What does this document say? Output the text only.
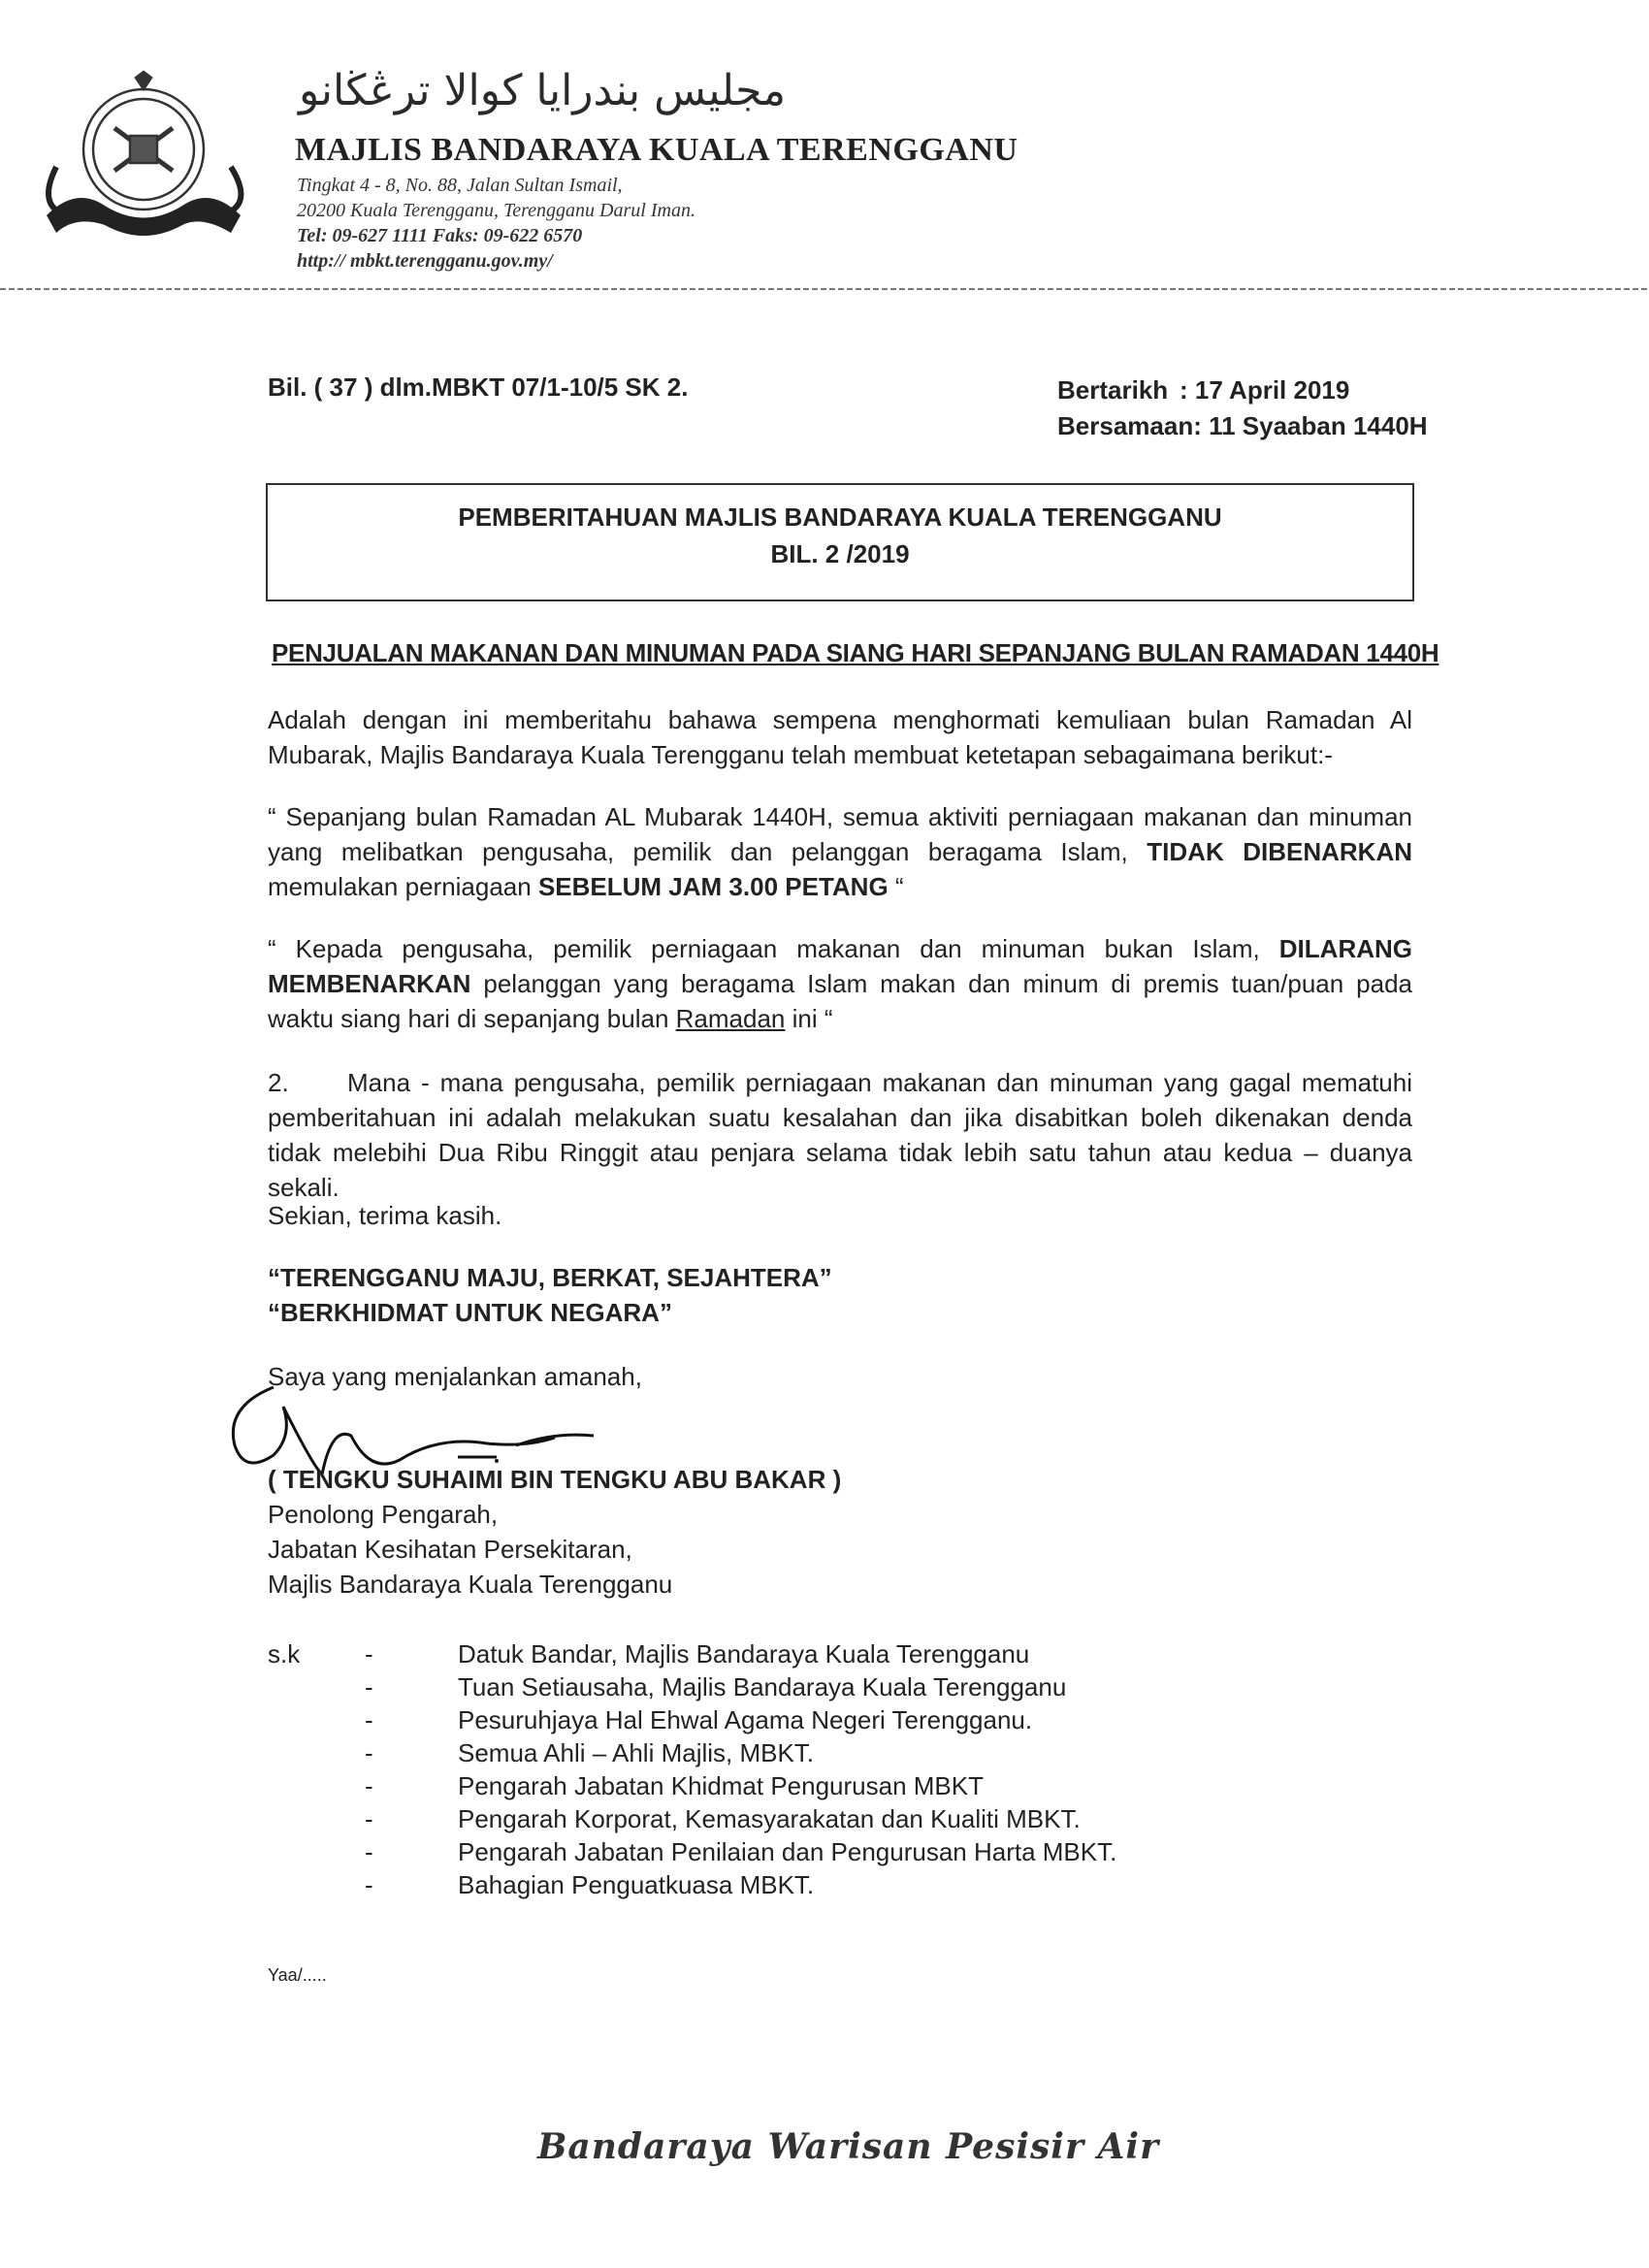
مجليس بندرايا كوالا ترڠڬانو
MAJLIS BANDARAYA KUALA TERENGGANU
Tingkat 4 - 8, No. 88, Jalan Sultan Ismail,
20200 Kuala Terengganu, Terengganu Darul Iman.
Tel: 09-627 1111 Faks: 09-622 6570
http:// mbkt.terengganu.gov.my/
Bil. ( 37 ) dlm.MBKT 07/1-10/5 SK 2.	Bertarikh : 17 April 2019
Bersamaan: 11 Syaaban 1440H
PEMBERITAHUAN MAJLIS BANDARAYA KUALA TERENGGANU
BIL. 2 /2019
PENJUALAN MAKANAN DAN MINUMAN PADA SIANG HARI SEPANJANG BULAN RAMADAN 1440H
Adalah dengan ini memberitahu bahawa sempena menghormati kemuliaan bulan Ramadan Al Mubarak, Majlis Bandaraya Kuala Terengganu telah membuat ketetapan sebagaimana berikut:-
“ Sepanjang bulan Ramadan AL Mubarak 1440H, semua aktiviti perniagaan makanan dan minuman yang melibatkan pengusaha, pemilik dan pelanggan beragama Islam, TIDAK DIBENARKAN memulakan perniagaan SEBELUM JAM 3.00 PETANG “
“ Kepada pengusaha, pemilik perniagaan makanan dan minuman bukan Islam, DILARANG MEMBENARKAN pelanggan yang beragama Islam makan dan minum di premis tuan/puan pada waktu siang hari di sepanjang bulan Ramadan ini “
2. Mana - mana pengusaha, pemilik perniagaan makanan dan minuman yang gagal mematuhi pemberitahuan ini adalah melakukan suatu kesalahan dan jika disabitkan boleh dikenakan denda tidak melebihi Dua Ribu Ringgit atau penjara selama tidak lebih satu tahun atau kedua – duanya sekali.
Sekian, terima kasih.
“TERENGGANU MAJU, BERKAT, SEJAHTERA”
“BERKHIDMAT UNTUK NEGARA”
Saya yang menjalankan amanah,
( TENGKU SUHAIMI BIN TENGKU ABU BAKAR )
Penolong Pengarah,
Jabatan Kesihatan Persekitaran,
Majlis Bandaraya Kuala Terengganu
s.k	-	Datuk Bandar, Majlis Bandaraya Kuala Terengganu
-	Tuan Setiausaha, Majlis Bandaraya Kuala Terengganu
-	Pesuruhjaya Hal Ehwal Agama Negeri Terengganu.
-	Semua Ahli – Ahli Majlis, MBKT.
-	Pengarah Jabatan Khidmat Pengurusan MBKT
-	Pengarah Korporat, Kemasyarakatan dan Kualiti MBKT.
-	Pengarah Jabatan Penilaian dan Pengurusan Harta MBKT.
-	Bahagian Penguatkuasa MBKT.
Yaa/.....
Bandaraya Warisan Pesisir Air
